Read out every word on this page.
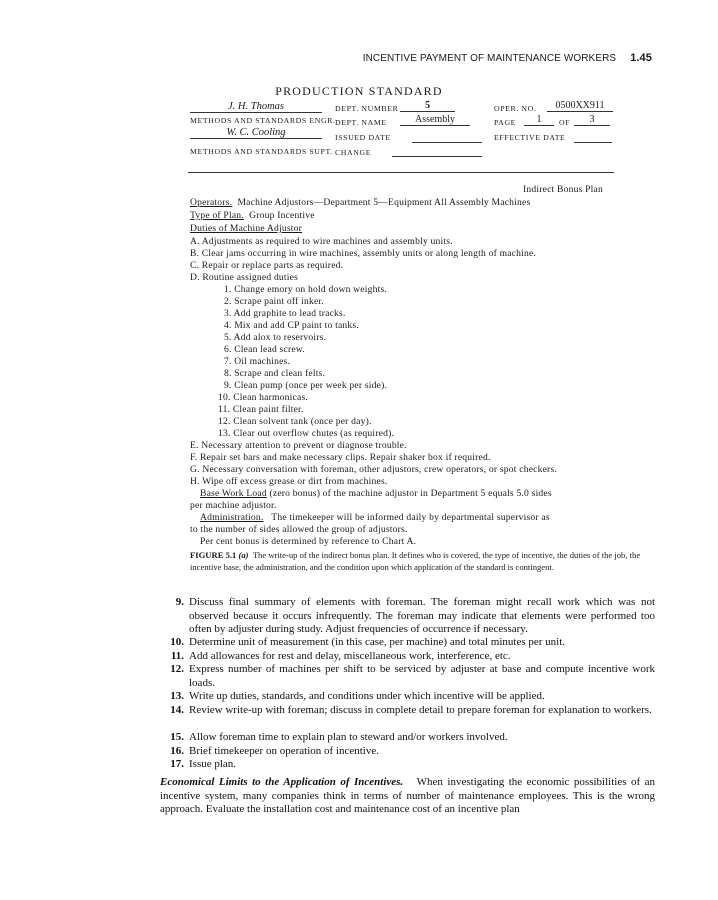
INCENTIVE PAYMENT OF MAINTENANCE WORKERS 1.45
PRODUCTION STANDARD
J. H. Thomas
METHODS AND STANDARDS ENGR.
W. C. Cooling
METHODS AND STANDARDS SUPT.
DEPT. NUMBER	5
DEPT. NAME	Assembly
ISSUED DATE
CHANGE
OPER. NO.	0500XX911
PAGE	1	OF	3
EFFECTIVE DATE
Indirect Bonus Plan
Operators. Machine Adjustors—Department 5—Equipment All Assembly Machines
Type of Plan. Group Incentive
Duties of Machine Adjustor
A. Adjustments as required to wire machines and assembly units.
B. Clear jams occurring in wire machines, assembly units or along length of machine.
C. Repair or replace parts as required.
D. Routine assigned duties
1. Change emory on hold down weights.
2. Scrape paint off inker.
3. Add graphite to lead tracks.
4. Mix and add CP paint to tanks.
5. Add alox to reservoirs.
6. Clean lead screw.
7. Oil machines.
8. Scrape and clean felts.
9. Clean pump (once per week per side).
10. Clean harmonicas.
11. Clean paint filter.
12. Clean solvent tank (once per day).
13. Clear out overflow chutes (as required).
E. Necessary attention to prevent or diagnose trouble.
F. Repair set bars and make necessary clips. Repair shaker box if required.
G. Necessary conversation with foreman, other adjustors, crew operators, or spot checkers.
H. Wipe off excess grease or dirt from machines.
Base Work Load (zero bonus) of the machine adjustor in Department 5 equals 5.0 sides
per machine adjustor.
Administration. The timekeeper will be informed daily by departmental supervisor as
to the number of sides allowed the group of adjustors.
Per cent bonus is determined by reference to Chart A.
FIGURE 5.1 (a) The write-up of the indirect bonus plan. It defines who is covered, the type of incentive, the duties of the job, the incentive base, the administration, and the condition upon which application of the standard is contingent.
9. Discuss final summary of elements with foreman. The foreman might recall work which was not observed because it occurs infrequently. The foreman may indicate that elements were performed too often by adjuster during study. Adjust frequencies of occurrence if necessary.
10. Determine unit of measurement (in this case, per machine) and total minutes per unit.
11. Add allowances for rest and delay, miscellaneous work, interference, etc.
12. Express number of machines per shift to be serviced by adjuster at base and compute incentive work loads.
13. Write up duties, standards, and conditions under which incentive will be applied.
14. Review write-up with foreman; discuss in complete detail to prepare foreman for explanation to workers.
15. Allow foreman time to explain plan to steward and/or workers involved.
16. Brief timekeeper on operation of incentive.
17. Issue plan.
Economical Limits to the Application of Incentives. When investigating the economic possibilities of an incentive system, many companies think in terms of number of maintenance employees. This is the wrong approach. Evaluate the installation cost and maintenance cost of an incentive plan
